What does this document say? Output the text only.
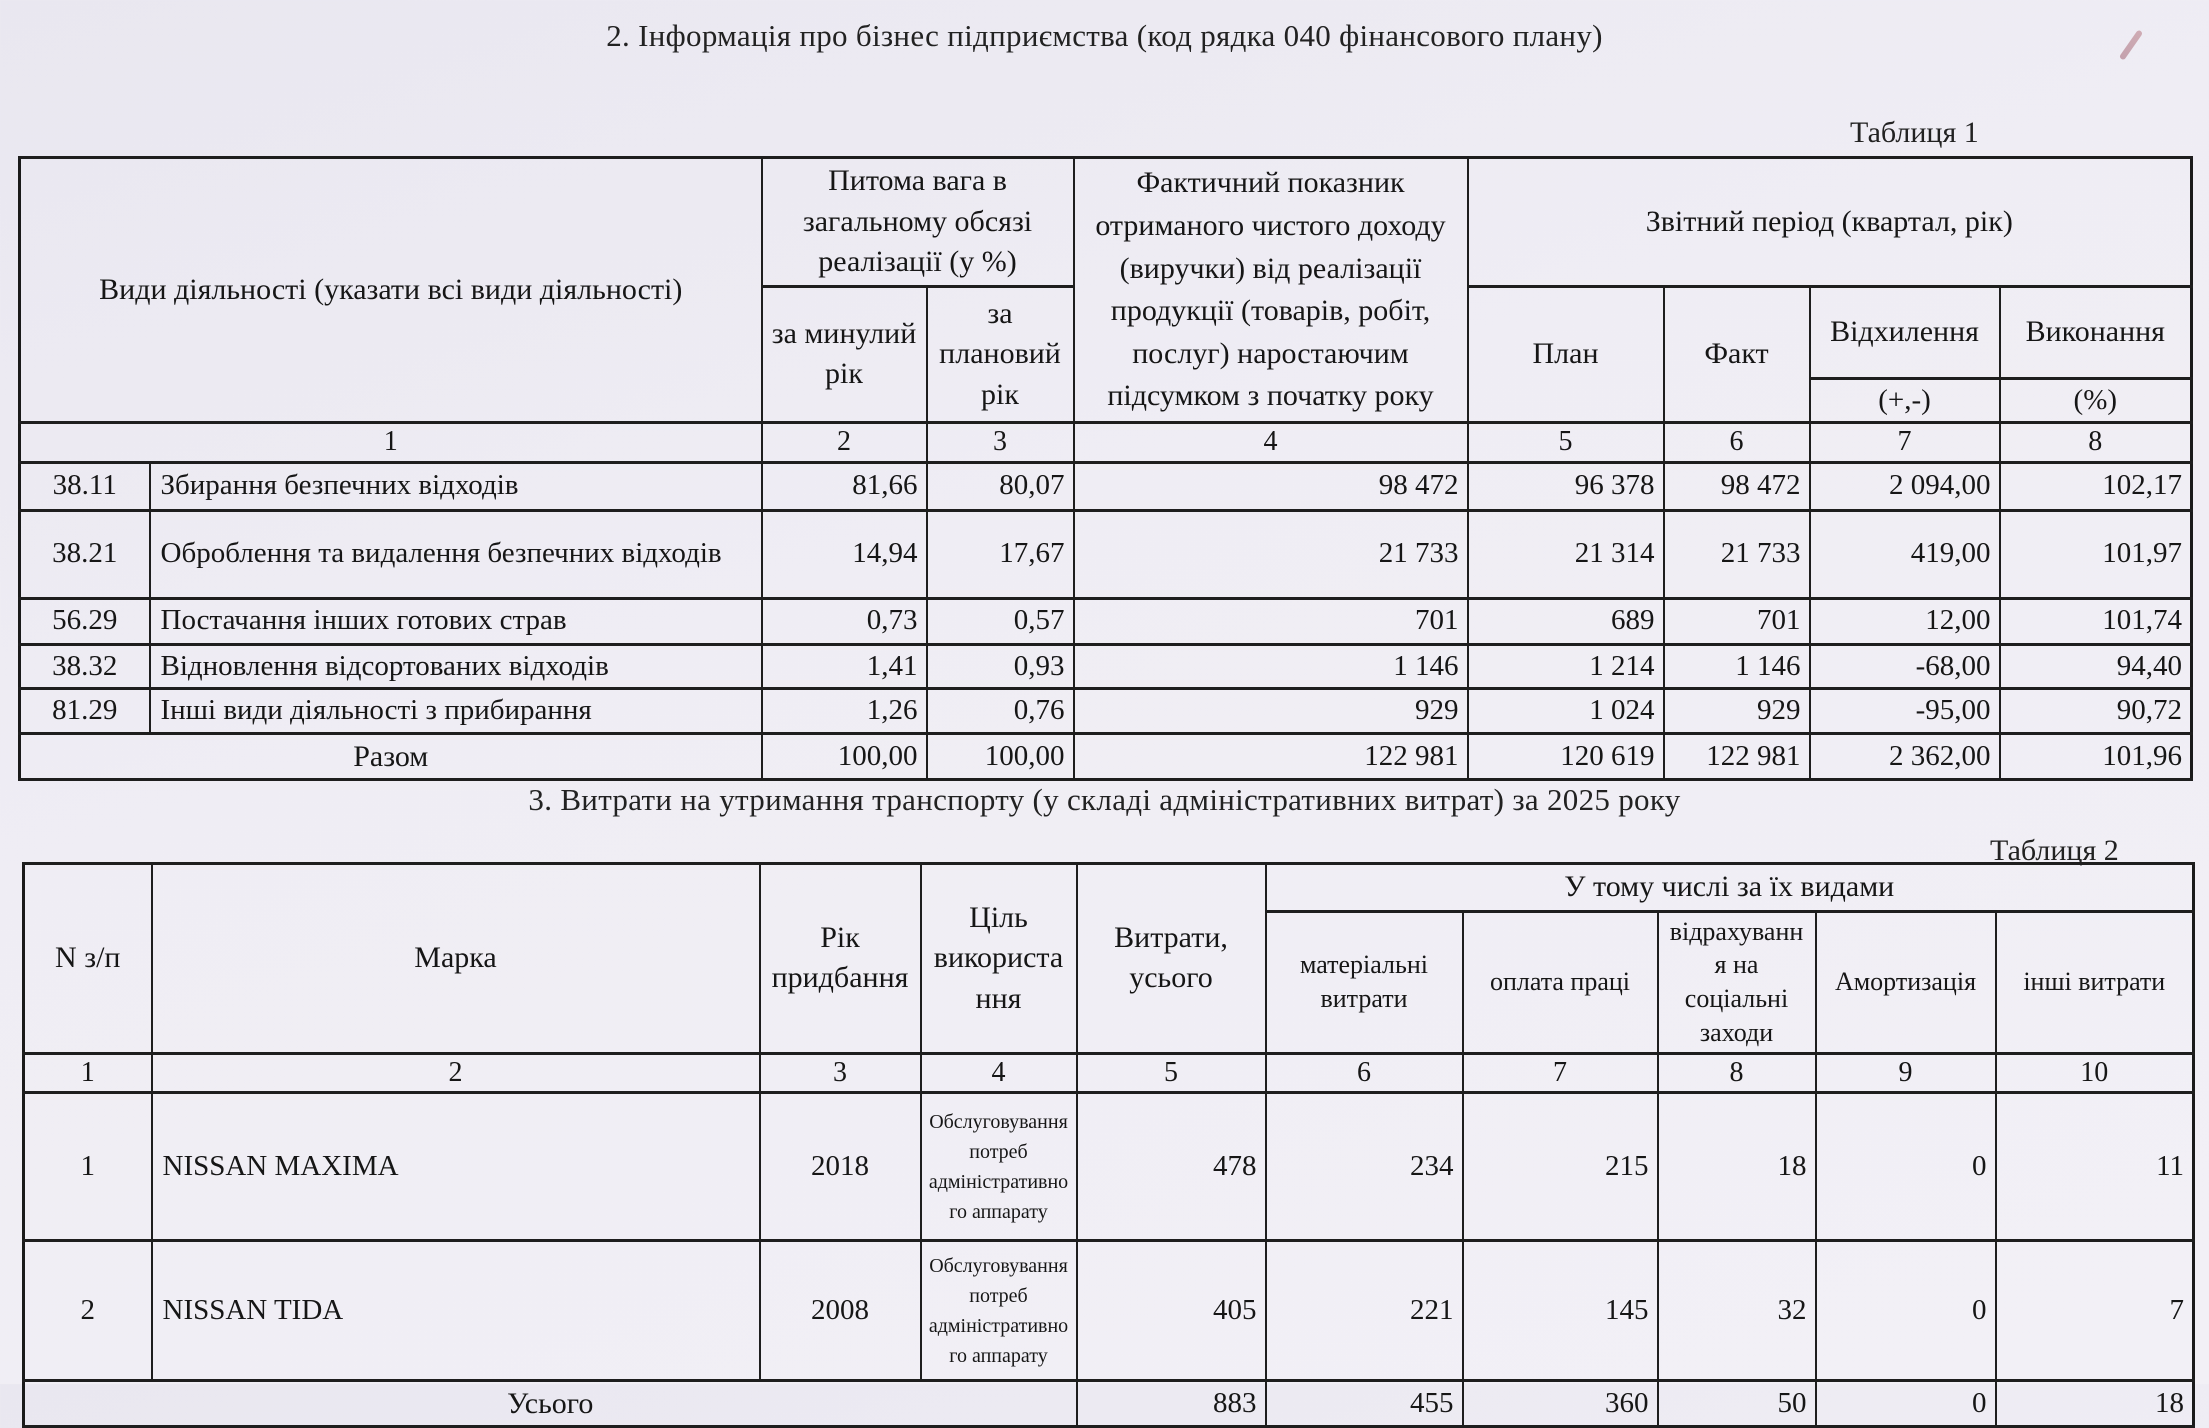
2. Інформація про бізнес підприємства (код рядка 040 фінансового плану)
Таблиця 1
Види діяльності (указати всі види діяльності)		Питома вага в загальному обсязі реалізації (у %)		Фактичний показник отриманого чистого доходу (виручки) від реалізації продукції (товарів, робіт, послуг) наростаючим підсумком з початку року	Звітний період (квартал, рік)			
		за минулий рік	за плановий рік		План	Факт	Відхилення	Виконання
							(+,-)	(%)
1		2	3	4	5	6	7	8
38.11	Збирання безпечних відходів	81,66	80,07	98 472	96 378	98 472	2 094,00	102,17
38.21	Оброблення та видалення безпечних відходів	14,94	17,67	21 733	21 314	21 733	419,00	101,97
56.29	Постачання інших готових страв	0,73	0,57	701	689	701	12,00	101,74
38.32	Відновлення відсортованих відходів	1,41	0,93	1 146	1 214	1 146	-68,00	94,40
81.29	Інші види діяльності з прибирання	1,26	0,76	929	1 024	929	-95,00	90,72
Разом		100,00	100,00	122 981	120 619	122 981	2 362,00	101,96
3. Витрати на утримання транспорту (у складі адміністративних витрат) за 2025 року
Таблиця 2
N з/п	Марка	Рік придбання	Ціль використання	Витрати, усього	У тому числі за їх видами				
					матеріальні витрати	оплата праці	відрахування на соціальні заходи	Амортизація	інші витрати
1	2	3	4	5	6	7	8	9	10
1	NISSAN MAXIMA	2018	Обслуговування потреб адміністративного аппарату	478	234	215	18	0	11
2	NISSAN TIDA	2008	Обслуговування потреб адміністративного аппарату	405	221	145	32	0	7
Усього				883	455	360	50	0	18
